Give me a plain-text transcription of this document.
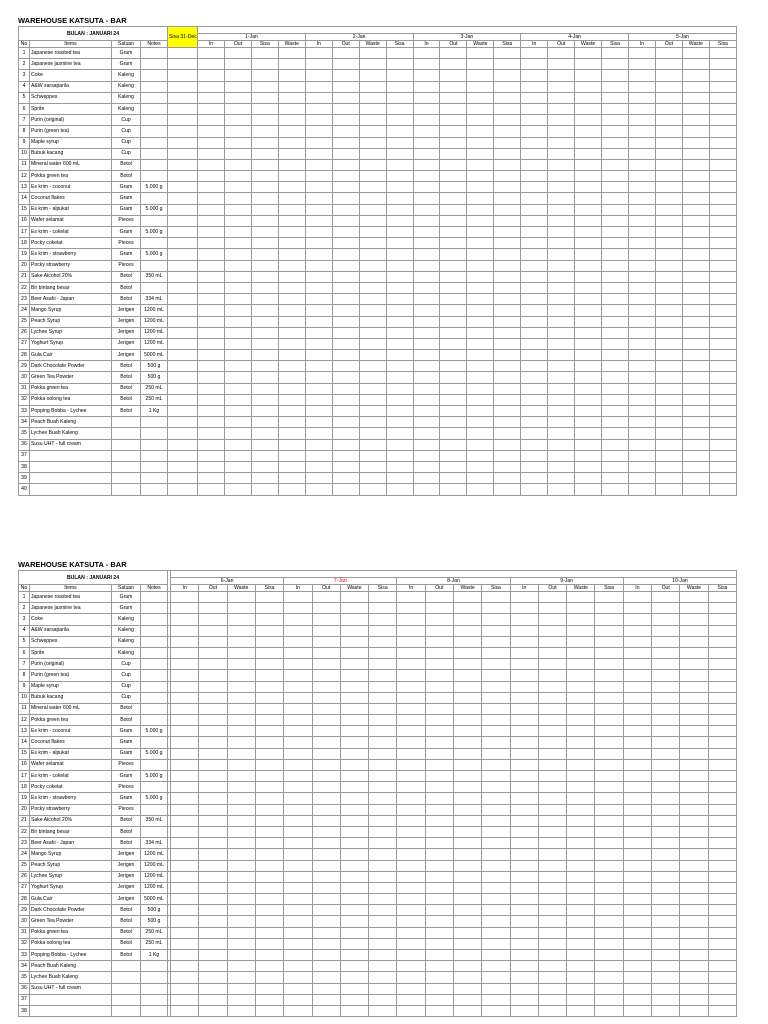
WAREHOUSE KATSUTA - BAR
BULAN : JANUARI 24				Sisa 31-Dec																				
					1-Jan				2-Jan				3-Jan				4-Jan				5-Jan			
No	Items	Satuan	Notes		In	Out	Sisa	Waste	In	Out	Waste	Sisa	In	Out	Waste	Sisa	In	Out	Waste	Sisa	In	Out	Waste	Sisa
1	Japanese roasted tea	Gram																						
2	Japanese jasmine tea	Gram																						
3	Coke	Kaleng																						
4	A&W sarsaparila	Kaleng																						
5	Schweppes	Kaleng																						
6	Sprite	Kaleng																						
7	Purin (original)	Cup																						
8	Purin (green tea)	Cup																						
9	Maple syrup	Cup																						
10	Bubuk kacang	Cup																						
11	Mineral water 600 mL	Botol																						
12	Pokka green tea	Botol																						
13	Es krim - coconut	Gram	5.000 g																					
14	Coconut flakes	Gram																						
15	Es krim - alpukat	Gram	5.000 g																					
16	Wafer selamat	Pieces																						
17	Es krim - cokelat	Gram	5.000 g																					
18	Pocky cokelat	Pieces																						
19	Es krim - strawberry	Gram	5.000 g																					
20	Pocky strawberry	Pieces																						
21	Sake Alcohol 20%	Botol	350 mL																					
22	Bir bintang besar	Botol																						
23	Beer Asahi - Japan	Botol	334 mL																					
24	Mango Syrup	Jerigen	1200 mL																					
25	Peach Syrup	Jerigen	1200 mL																					
26	Lychee Syrup	Jerigen	1200 mL																					
27	Yoghurt Syrup	Jerigen	1200 mL																					
28	Gula Cair	Jerigen	5000 mL																					
29	Dark Chocolate Powder	Botol	500 g																					
30	Green Tea Powder	Botol	500 g																					
31	Pokka green tea	Botol	250 mL																					
32	Pokka oolong tea	Botol	250 mL																					
33	Popping Bobba - Lychee	Botol	1 Kg																					
34	Peach Buah Kaleng																							
35	Lychee Buah Kaleng																							
36	Susu UHT - full cream																							
37																								
38																								
39																								
40																								
WAREHOUSE KATSUTA - BAR
BULAN : JANUARI 24																								
					6-Jan				7-Jan				8-Jan				9-Jan				10-Jan			
No	Items	Satuan	Notes		In	Out	Waste	Sisa	In	Out	Waste	Sisa	In	Out	Waste	Sisa	In	Out	Waste	Sisa	In	Out	Waste	Sisa
1	Japanese roasted tea	Gram																						
2	Japanese jasmine tea	Gram																						
3	Coke	Kaleng																						
4	A&W sarsaparila	Kaleng																						
5	Schweppes	Kaleng																						
6	Sprite	Kaleng																						
7	Purin (original)	Cup																						
8	Purin (green tea)	Cup																						
9	Maple syrup	Cup																						
10	Bubuk kacang	Cup																						
11	Mineral water 600 mL	Botol																						
12	Pokka green tea	Botol																						
13	Es krim - coconut	Gram	5.000 g																					
14	Coconut flakes	Gram																						
15	Es krim - alpukat	Gram	5.000 g																					
16	Wafer selamat	Pieces																						
17	Es krim - cokelat	Gram	5.000 g																					
18	Pocky cokelat	Pieces																						
19	Es krim - strawberry	Gram	5.000 g																					
20	Pocky strawberry	Pieces																						
21	Sake Alcohol 20%	Botol	350 mL																					
22	Bir bintang besar	Botol																						
23	Beer Asahi - Japan	Botol	334 mL																					
24	Mango Syrup	Jerigen	1200 mL																					
25	Peach Syrup	Jerigen	1200 mL																					
26	Lychee Syrup	Jerigen	1200 mL																					
27	Yoghurt Syrup	Jerigen	1200 mL																					
28	Gula Cair	Jerigen	5000 mL																					
29	Dark Chocolate Powder	Botol	500 g																					
30	Green Tea Powder	Botol	500 g																					
31	Pokka green tea	Botol	250 mL																					
32	Pokka oolong tea	Botol	250 mL																					
33	Popping Bobba - Lychee	Botol	1 Kg																					
34	Peach Buah Kaleng																							
35	Lychee Buah Kaleng																							
36	Susu UHT - full cream																							
37																								
38																								
